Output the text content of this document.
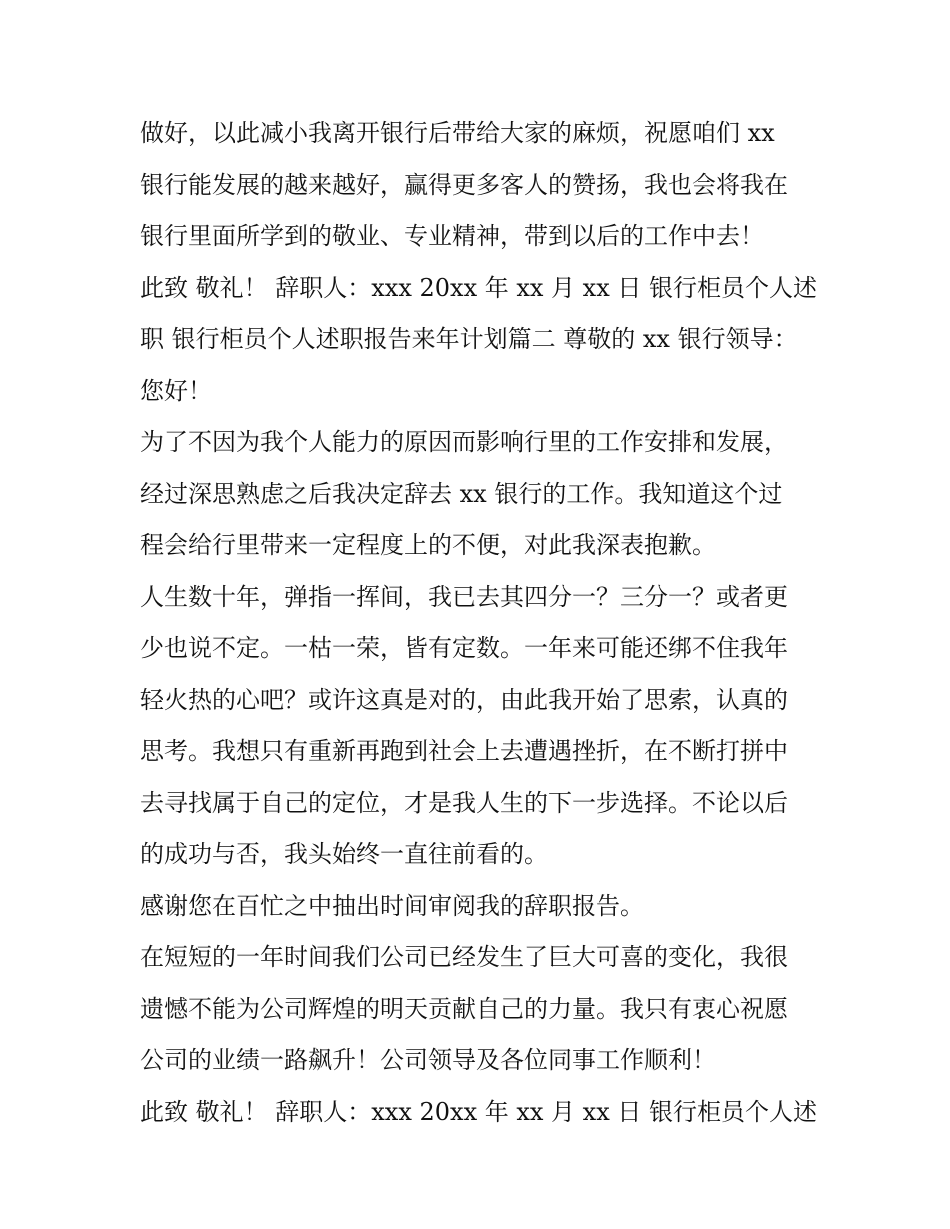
做好，以此减小我离开银行后带给大家的麻烦，祝愿咱们 xx
银行能发展的越来越好，赢得更多客人的赞扬，我也会将我在
银行里面所学到的敬业、专业精神，带到以后的工作中去！
此致 敬礼！ 辞职人：xxx 20xx 年 xx 月 xx 日 银行柜员个人述
职 银行柜员个人述职报告来年计划篇二 尊敬的 xx 银行领导：
您好！
为了不因为我个人能力的原因而影响行里的工作安排和发展，
经过深思熟虑之后我决定辞去 xx 银行的工作。我知道这个过
程会给行里带来一定程度上的不便，对此我深表抱歉。
人生数十年，弹指一挥间，我已去其四分一？三分一？或者更
少也说不定。一枯一荣，皆有定数。一年来可能还绑不住我年
轻火热的心吧？或许这真是对的，由此我开始了思索，认真的
思考。我想只有重新再跑到社会上去遭遇挫折，在不断打拼中
去寻找属于自己的定位，才是我人生的下一步选择。不论以后
的成功与否，我头始终一直往前看的。
感谢您在百忙之中抽出时间审阅我的辞职报告。
在短短的一年时间我们公司已经发生了巨大可喜的变化，我很
遗憾不能为公司辉煌的明天贡献自己的力量。我只有衷心祝愿
公司的业绩一路飙升！公司领导及各位同事工作顺利！
此致 敬礼！ 辞职人：xxx 20xx 年 xx 月 xx 日 银行柜员个人述
